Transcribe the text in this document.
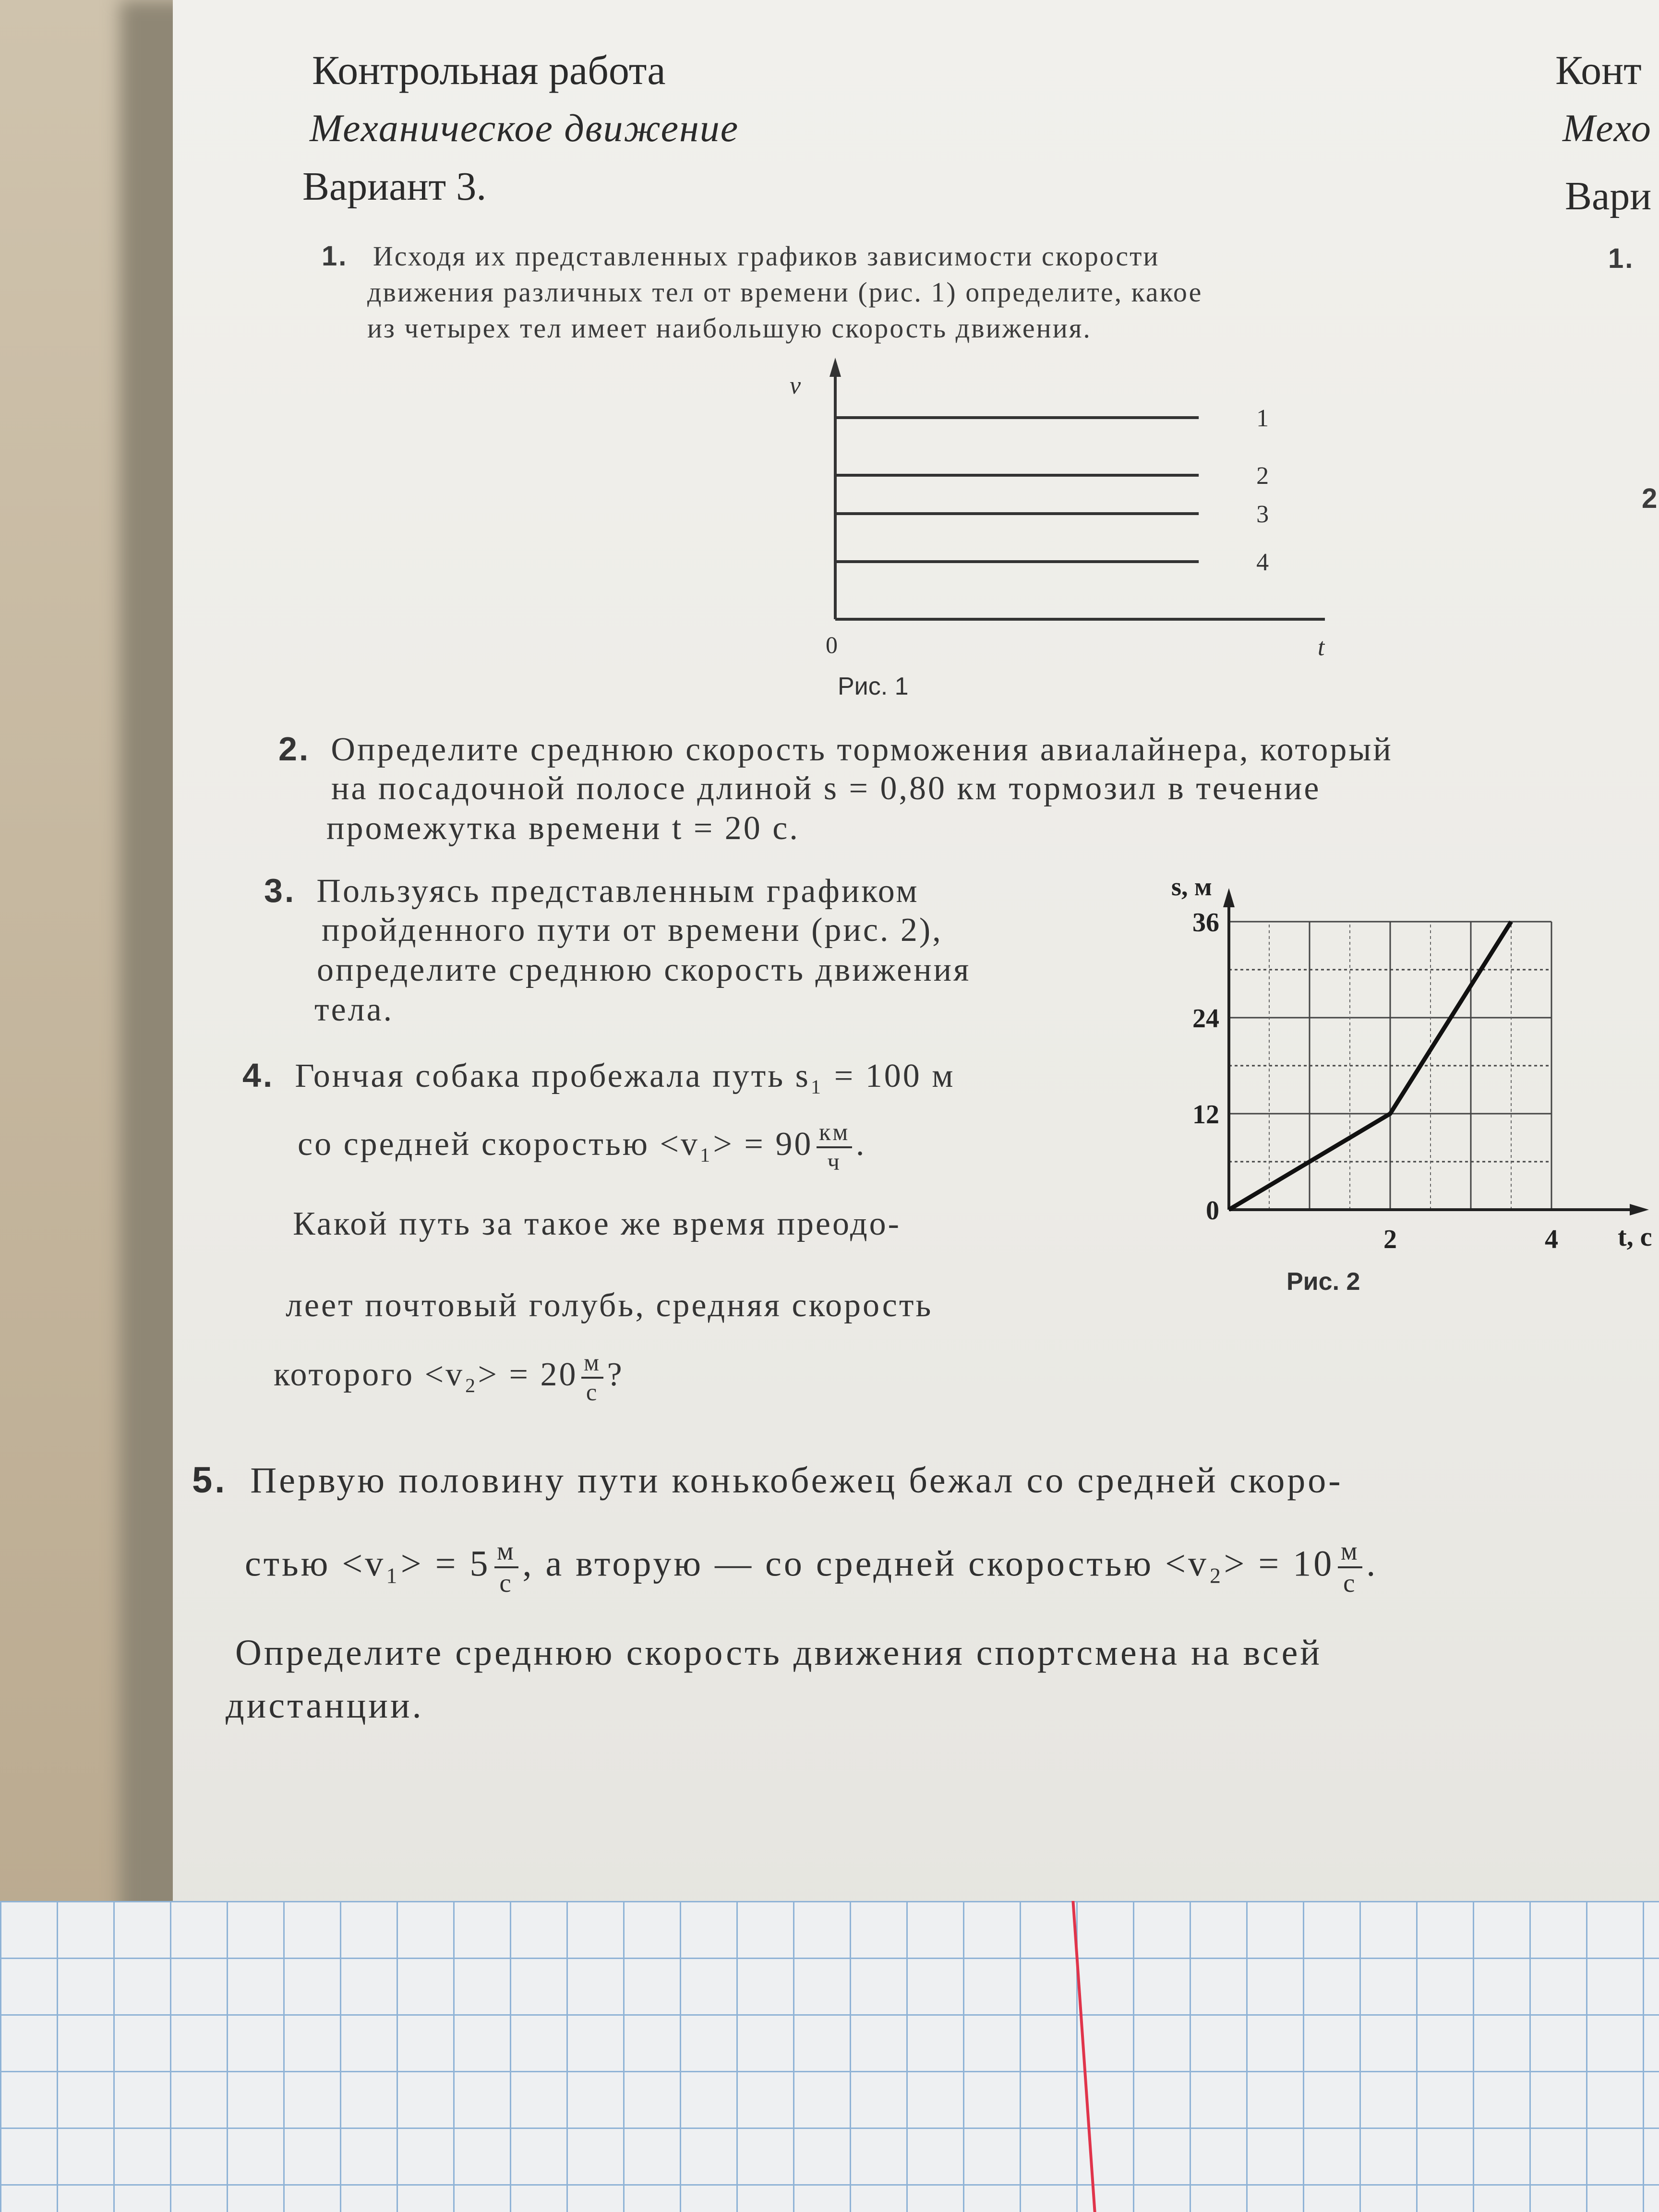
Контрольная работа
Механическое движение
Вариант 3.
1. Исходя их представленных графиков зависимости скорости
движения различных тел от времени (рис. 1) определите, какое
из четырех тел имеет наибольшую скорость движения.
1
2
3
4
v
t
0
Рис. 1
2. Определите среднюю скорость торможения авиалайнера, который
на посадочной полосе длиной s = 0,80 км тормозил в течение
промежутка времени t = 20 с.
3. Пользуясь представленным графиком
пройденного пути от времени (рис. 2),
определите среднюю скорость движения
тела.
4. Гончая собака пробежала путь s₁ = 100 м
со средней скоростью $<v_1> = 90 \frac{км}{ч}$ .
Какой путь за такое же время преодо-
леет почтовый голубь, средняя скорость
которого $<v_2> = 20 \frac{м}{с}$ ?
0
12
24
36
2	4
s, м
t, с
Рис. 2
5. Первую половину пути конькобежец бежал со средней скоро-
стью $<v_1> = 5 \frac{м}{с}$ , а вторую — со средней скоростью $<v_2> = 10 \frac{м}{с}$ .
Определите среднюю скорость движения спортсмена на всей
дистанции.
Конт
Мехо
Вари
1.
2
